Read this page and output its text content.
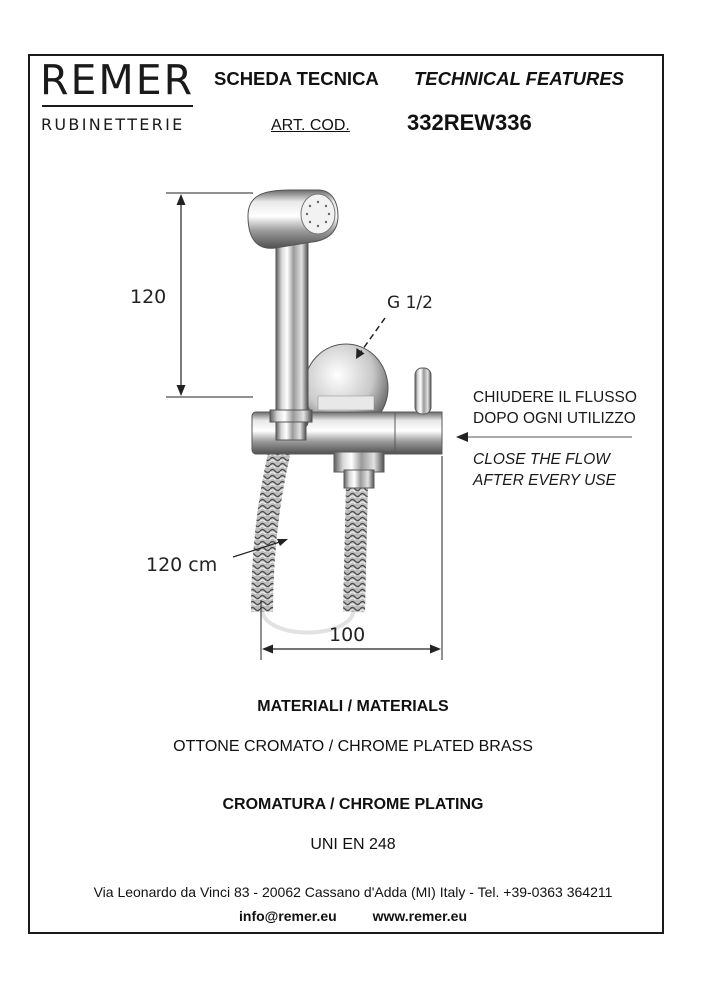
REMER
RUBINETTERIE
SCHEDA TECNICA TECHNICAL FEATURES
ART. COD.	332REW336
120	G 1/2
120 cm
100
CHIUDERE IL FLUSSO
DOPO OGNI UTILIZZO
CLOSE THE FLOW
AFTER EVERY USE
MATERIALI / MATERIALS
OTTONE CROMATO / CHROME PLATED BRASS
CROMATURA / CHROME PLATING
UNI EN 248
Via Leonardo da Vinci 83 - 20062 Cassano d'Adda (MI) Italy - Tel. +39-0363 364211
info@remer.eu	www.remer.eu
